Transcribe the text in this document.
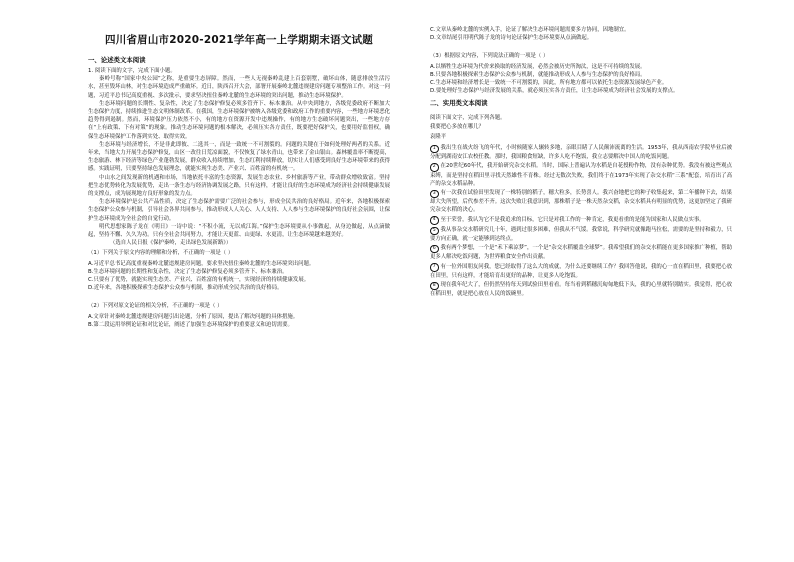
四川省眉山市2020-2021学年高一上学期期末语文试题
一、论述类文本阅读
1. 阅读下面的文字，完成下面小题。

秦岭号称“国家中央公园”之称，是重要生态屏障。然而，一些人无视秦岭乱建上百套别墅，破坏山体，随意排放生活污水，甚至毁坏山林，对生态环境造成严重破坏。近日，陕西召开大会，部署开展秦岭北麓违规建房问题专项整治工作。对这一问题，习近平总书记高度重视、多次批示，要求坚决扭住秦岭北麓的生态环境的突出问题，推动生态环境保护。

生态环境问题的长期性、复杂性，决定了生态保护修复必须多管齐下、标本兼治。从中央到地方，各级党委政府不断加大生态保护力度，持续推进生态文明体制改革。在我国，生态环境保护被纳入各级党委和政府工作的重要内容，一些地方环境恶化趋势得到遏制。然而，环境保护压力依然不小，有的地方在资源开发中违规操作，有的地方生态破坏问题突出，一些地方存在“上有政策、下有对策”的现象。推动生态环境问题的根本解决，必须压实各方责任，既要把好保护关，也要用好监督权，确保生态环境保护工作落到实处、取得实效。

生态环境与经济增长，不是非此即彼、二选其一，而是一致统一不可割裂的。问题的关键在于如何处理好两者的关系。近年来，当地大力开展生态保护修复，山区一改往日荒凉面貌，不仅恢复了绿水青山，也带来了金山银山。森林覆盖率不断提高，生态旅游、林下经济等绿色产业蓬勃发展，群众收入持续增加，生态红利持续释放，切实让人们感受到良好生态环境带来的获得感。实践证明，只要坚持绿色发展理念，就能实现生态美、产业兴、百姓富的有机统一。

中山水之间发现新的机遇和市场，当地依托丰富的生态资源，发展生态农业、乡村旅游等产业，带动群众增收致富。坚持把生态优势转化为发展优势，走出一条生态与经济协调发展之路，只有这样，才能让良好的生态环境成为经济社会持续健康发展的支撑点，成为展现地方良好形象的发力点。

生态环境保护是公共产品性质，决定了生态保护需要广泛的社会参与，形成全民共治的良好格局。近年来，各地积极探索生态保护公众参与机制，引导社会各界共同参与，推动形成人人关心、人人支持、人人参与生态环境保护的良好社会氛围，让保护生态环境成为全社会的自觉行动。

明代思想家陈子龙在《明日》一诗中说：“不积小流，无以成江海。”保护生态环境要从小事做起，从身边做起，从点滴做起，坚持不懈、久久为功。只有全社会共同努力，才能让天更蓝、山更绿、水更清，让生态环境越来越美好。

（选自人民日报《保护秦岭，走出绿色发展新路》）
（1）下列关于原文内容的理解和分析，不正确的一项是（ ）

A.习近平总书记高度重视秦岭北麓违规建房问题，要求坚决扭住秦岭北麓的生态环境突出问题。

B.生态环境问题的长期性和复杂性，决定了生态保护修复必须多管齐下、标本兼治。

C.只要有了优势，就能实现生态美、产业兴、百姓富的有机统一，实现经济的持续健康发展。

D.近年来，各地积极探索生态保护公众参与机制，推动形成全民共治的良好格局。

（2）下列对原文论证的相关分析，不正确的一项是（ ）

A.文章针对秦岭北麓违规建房问题引出论题，分析了原因，提出了解决问题的具体措施。

B.第二段运用举例论证和对比论证，阐述了加强生态环境保护的重要意义和迫切需要。

C.文章从秦岭北麓的实例入手，论证了解决生态环境问题需要多方协同，因地制宜。

D.文章结尾引用明代陈子龙的诗句论证保护生态环境要从点滴做起。

（3）根据原文内容，下列说法正确的一项是（ ）

A.以牺牲生态环境为代价来换取的经济发展，必然会被历史所淘汰，这是不可持续的发展。

B.只要各地积极探索生态保护公众参与机制，就能推动形成人人参与生态保护的良好格局。

C.生态环境和经济增长是一致统一不可割裂的，因此，所有地方都可以依托生态资源发展绿色产业。

D.要处理好生态保护与经济发展的关系，就必须压实各方责任，让生态环境成为经济社会发展的支撑点。

二、实用类文本阅读
阅读下面文字，完成下列各题。
我要把心多放在哪儿？
袁隆平

1 我出生在战火纷飞的年代，小时候随家人辗转多地，亲眼目睹了人民颠沛流离的生活。1953年，我从西南农学院毕业后被分配到湖南安江农校任教。那时，我国粮食短缺，许多人吃不饱饭，我立志要解决中国人的吃饭问题。

2 在20世纪60年代，我开始研究杂交水稻。当时，国际上普遍认为水稻是自花授粉作物，没有杂种优势。我没有被这些观点束缚，而是坚持在稻田里寻找天然雄性不育株。经过无数次失败，我们终于在1973年实现了杂交水稻“三系”配套，培育出了高产的杂交水稻品种。

3 有一次我在试验田里发现了一株特别的稻子，穗大粒多，长势喜人。我兴奋地把它的种子收集起来，第二年播种下去，结果却大失所望，后代参差不齐。这次失败让我意识到，那株稻子是一株天然杂交稻，杂交水稻具有明显的优势，这更加坚定了我研究杂交水稻的决心。

4 至于荣誉，我认为它不是我追求的目标，它只是对我工作的一种肯定，我更看重的是能为国家和人民做点实事。

5 我从事杂交水稻研究几十年，遇到过很多困难，但我从不气馁。我常说，科学研究就像跑马拉松，需要的是坚持和毅力，只要方向正确，就一定能够到达终点。

6 我有两个梦想，一个是“禾下乘凉梦”，一个是“杂交水稻覆盖全球梦”。我希望我们的杂交水稻能在更多国家推广种植，帮助更多人解决吃饭问题，为世界粮食安全作出贡献。

7 有一位外国朋友问我，您已经取得了这么大的成就，为什么还要继续工作？我回答他说，我的心一直在稻田里，我要把心放在田里，只有这样，才能培育出更好的品种，让更多人吃饱饭。

8 现在我年纪大了，但仍然坚持每天到试验田里看看。每当看到稻穗沉甸甸地低下头，我的心里就特别踏实。我觉得，把心放在稻田里，就是把心放在人民的饭碗里。
